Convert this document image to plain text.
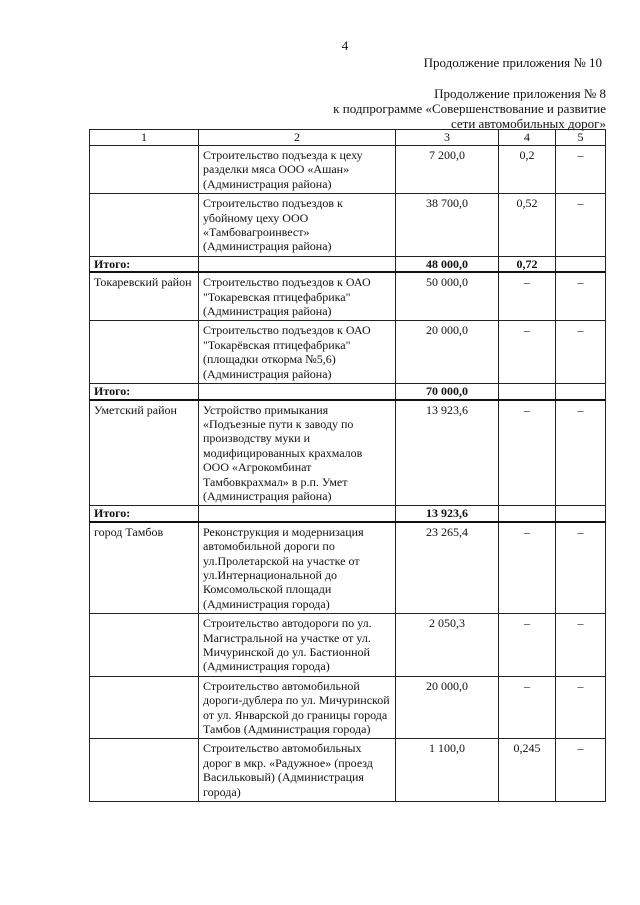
4
Продолжение приложения № 10
Продолжение приложения № 8
к подпрограмме «Совершенствование и развитие
сети автомобильных дорог»
1	2	3	4	5
	Строительство подъезда к цеху разделки мяса ООО «Ашан» (Администрация района)	7 200,0	0,2	–
	Строительство подъездов к убойному цеху ООО «Тамбовагроинвест» (Администрация района)	38 700,0	0,52	–
Итого:		48 000,0	0,72	
Токаревский район	Строительство подъездов к ОАО "Токаревская птицефабрика" (Администрация района)	50 000,0	–	–
	Строительство подъездов к ОАО "Токарёвская птицефабрика" (площадки откорма №5,6) (Администрация района)	20 000,0	–	–
Итого:		70 000,0		
Уметский район	Устройство примыкания «Подъезные пути к заводу по производству муки и модифицированных крахмалов ООО «Агрокомбинат Тамбовкрахмал» в р.п. Умет (Администрация района)	13 923,6	–	–
Итого:		13 923,6		
город Тамбов	Реконструкция и модернизация автомобильной дороги по ул.Пролетарской на участке от ул.Интернациональной до Комсомольской площади (Администрация города)	23 265,4	–	–
	Строительство автодороги по ул. Магистральной на участке от ул. Мичуринской до ул. Бастионной (Администрация города)	2 050,3	–	–
	Строительство автомобильной дороги-дублера по ул. Мичуринской от ул. Январской до границы города Тамбов (Администрация города)	20 000,0	–	–
	Строительство автомобильных дорог в мкр. «Радужное» (проезд Васильковый) (Администрация города)	1 100,0	0,245	–
